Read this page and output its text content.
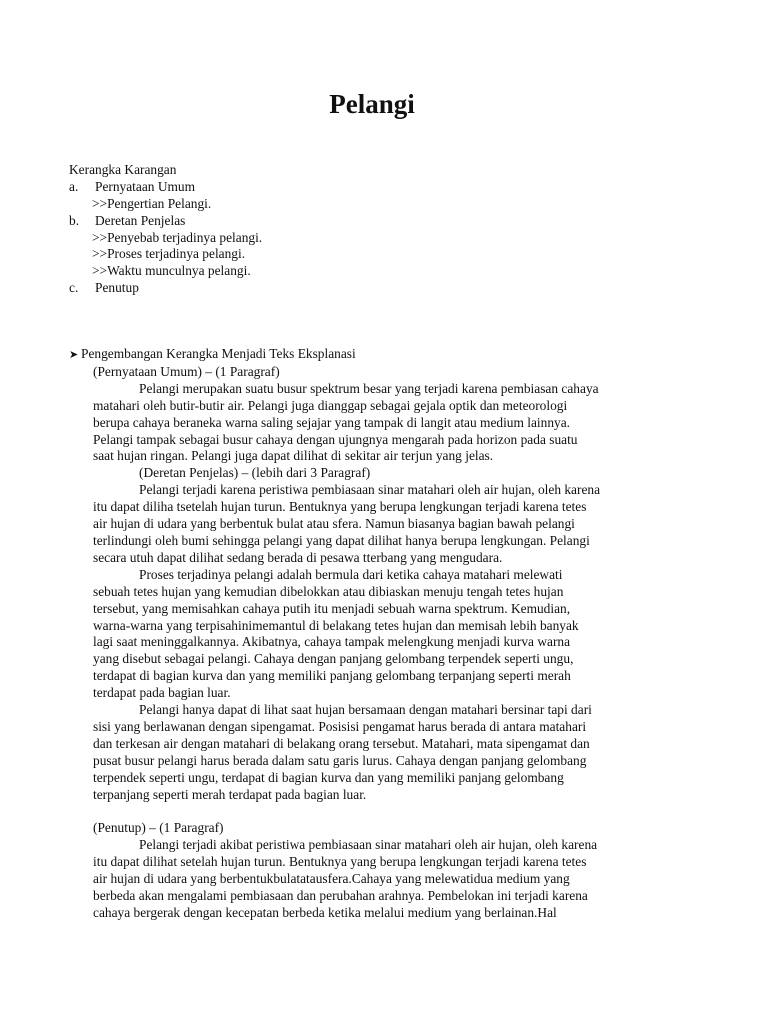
Pelangi
Kerangka Karangan
a. Pernyataan Umum
>>Pengertian Pelangi.
b. Deretan Penjelas
>>Penyebab terjadinya pelangi.
>>Proses terjadinya pelangi.
>>Waktu munculnya pelangi.
c. Penutup
➤ Pengembangan Kerangka Menjadi Teks Eksplanasi
(Pernyataan Umum) – (1 Paragraf)
Pelangi merupakan suatu busur spektrum besar yang terjadi karena pembiasan cahaya
matahari oleh butir-butir air. Pelangi juga dianggap sebagai gejala optik dan meteorologi
berupa cahaya beraneka warna saling sejajar yang tampak di langit atau medium lainnya.
Pelangi tampak sebagai busur cahaya dengan ujungnya mengarah pada horizon pada suatu
saat hujan ringan. Pelangi juga dapat dilihat di sekitar air terjun yang jelas.
(Deretan Penjelas) – (lebih dari 3 Paragraf)
Pelangi terjadi karena peristiwa pembiasaan sinar matahari oleh air hujan, oleh karena
itu dapat diliha tsetelah hujan turun. Bentuknya yang berupa lengkungan terjadi karena tetes
air hujan di udara yang berbentuk bulat atau sfera. Namun biasanya bagian bawah pelangi
terlindungi oleh bumi sehingga pelangi yang dapat dilihat hanya berupa lengkungan. Pelangi
secara utuh dapat dilihat sedang berada di pesawa tterbang yang mengudara.
Proses terjadinya pelangi adalah bermula dari ketika cahaya matahari melewati
sebuah tetes hujan yang kemudian dibelokkan atau dibiaskan menuju tengah tetes hujan
tersebut, yang memisahkan cahaya putih itu menjadi sebuah warna spektrum. Kemudian,
warna-warna yang terpisahinimemantul di belakang tetes hujan dan memisah lebih banyak
lagi saat meninggalkannya. Akibatnya, cahaya tampak melengkung menjadi kurva warna
yang disebut sebagai pelangi. Cahaya dengan panjang gelombang terpendek seperti ungu,
terdapat di bagian kurva dan yang memiliki panjang gelombang terpanjang seperti merah
terdapat pada bagian luar.
Pelangi hanya dapat di lihat saat hujan bersamaan dengan matahari bersinar tapi dari
sisi yang berlawanan dengan sipengamat. Posisisi pengamat harus berada di antara matahari
dan terkesan air dengan matahari di belakang orang tersebut. Matahari, mata sipengamat dan
pusat busur pelangi harus berada dalam satu garis lurus. Cahaya dengan panjang gelombang
terpendek seperti ungu, terdapat di bagian kurva dan yang memiliki panjang gelombang
terpanjang seperti merah terdapat pada bagian luar.
(Penutup) – (1 Paragraf)
Pelangi terjadi akibat peristiwa pembiasaan sinar matahari oleh air hujan, oleh karena
itu dapat dilihat setelah hujan turun. Bentuknya yang berupa lengkungan terjadi karena tetes
air hujan di udara yang berbentukbulatatausfera.Cahaya yang melewatidua medium yang
berbeda akan mengalami pembiasaan dan perubahan arahnya. Pembelokan ini terjadi karena
cahaya bergerak dengan kecepatan berbeda ketika melalui medium yang berlainan.Hal
